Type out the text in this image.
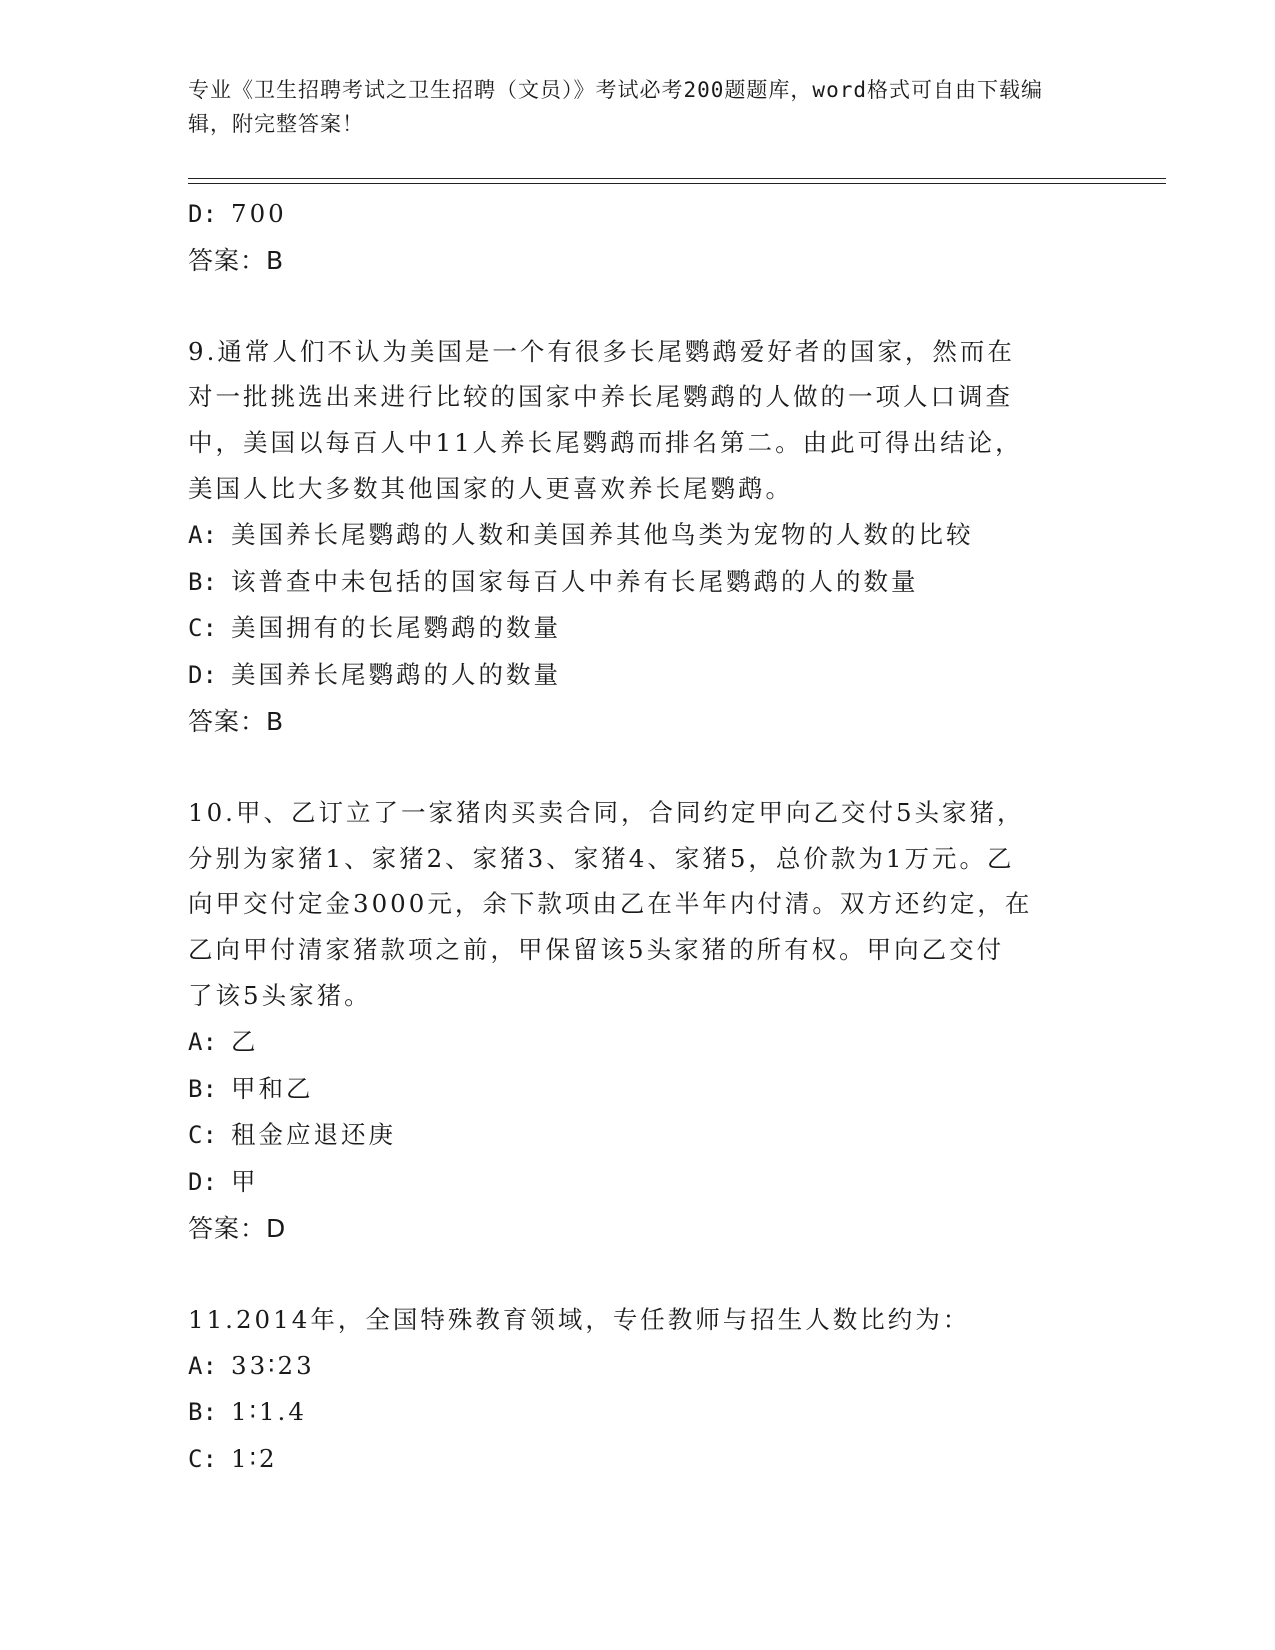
专业《卫生招聘考试之卫生招聘（文员）》考试必考200题题库，word格式可自由下载编辑，附完整答案！
D: 700
答案：B
9.通常人们不认为美国是一个有很多长尾鹦鹉爱好者的国家，然而在
对一批挑选出来进行比较的国家中养长尾鹦鹉的人做的一项人口调查
中，美国以每百人中11人养长尾鹦鹉而排名第二。由此可得出结论，
美国人比大多数其他国家的人更喜欢养长尾鹦鹉。
A: 美国养长尾鹦鹉的人数和美国养其他鸟类为宠物的人数的比较
B: 该普查中未包括的国家每百人中养有长尾鹦鹉的人的数量
C: 美国拥有的长尾鹦鹉的数量
D: 美国养长尾鹦鹉的人的数量
答案：B
10.甲、乙订立了一家猪肉买卖合同，合同约定甲向乙交付5头家猪，
分别为家猪1、家猪2、家猪3、家猪4、家猪5，总价款为1万元。乙
向甲交付定金3000元，余下款项由乙在半年内付清。双方还约定，在
乙向甲付清家猪款项之前，甲保留该5头家猪的所有权。甲向乙交付
了该5头家猪。
A: 乙
B: 甲和乙
C: 租金应退还庚
D: 甲
答案：D
11.2014年，全国特殊教育领域，专任教师与招生人数比约为：
A: 33∶23
B: 1∶1.4
C: 1∶2
